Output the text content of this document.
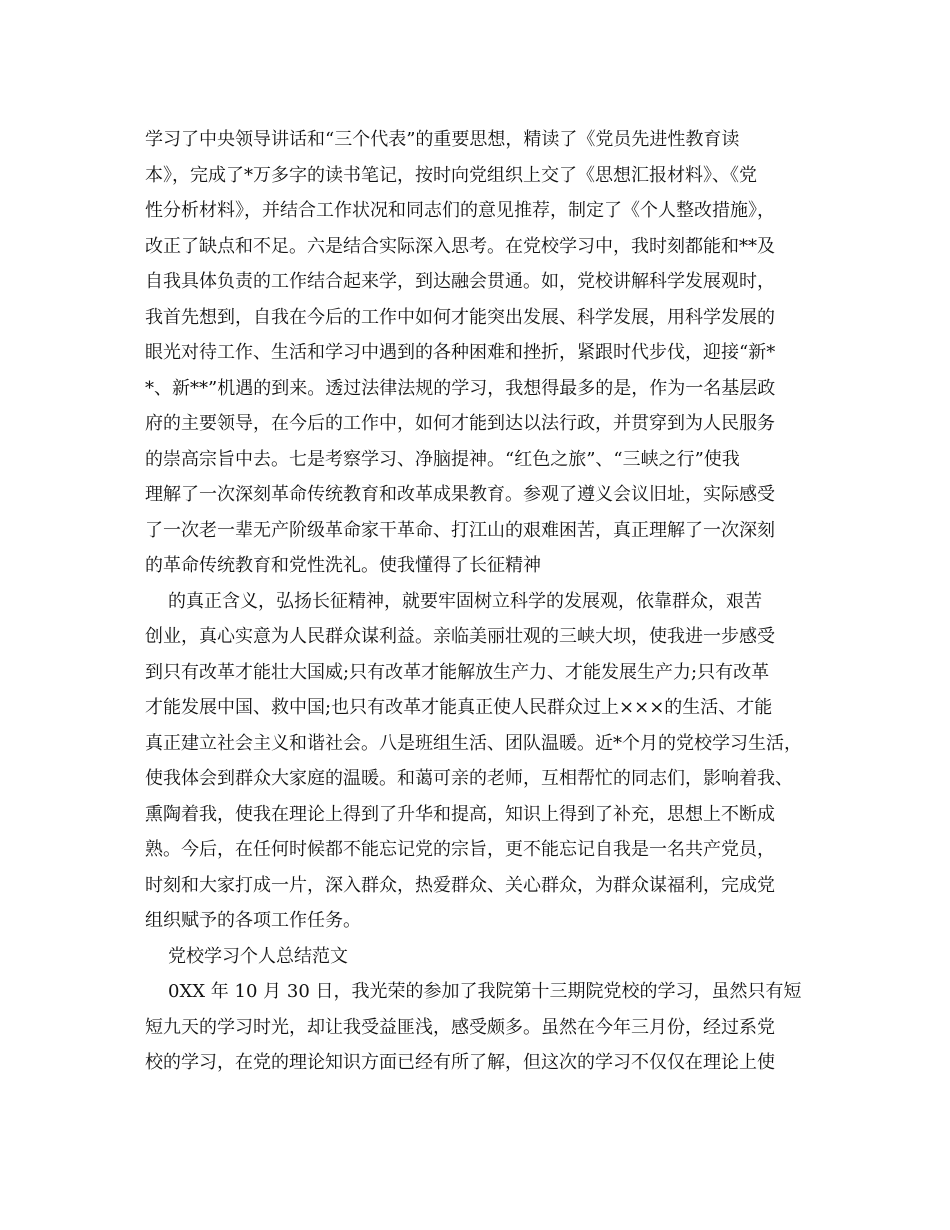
学习了中央领导讲话和“三个代表”的重要思想，精读了《党员先进性教育读
本》，完成了*万多字的读书笔记，按时向党组织上交了《思想汇报材料》、《党
性分析材料》，并结合工作状况和同志们的意见推荐，制定了《个人整改措施》，
改正了缺点和不足。六是结合实际深入思考。在党校学习中，我时刻都能和**及
自我具体负责的工作结合起来学，到达融会贯通。如，党校讲解科学发展观时，
我首先想到，自我在今后的工作中如何才能突出发展、科学发展，用科学发展的
眼光对待工作、生活和学习中遇到的各种困难和挫折，紧跟时代步伐，迎接“新*
*、新**”机遇的到来。透过法律法规的学习，我想得最多的是，作为一名基层政
府的主要领导，在今后的工作中，如何才能到达以法行政，并贯穿到为人民服务
的崇高宗旨中去。七是考察学习、净脑提神。“红色之旅”、“三峡之行”使我
理解了一次深刻革命传统教育和改革成果教育。参观了遵义会议旧址，实际感受
了一次老一辈无产阶级革命家干革命、打江山的艰难困苦，真正理解了一次深刻
的革命传统教育和党性洗礼。使我懂得了长征精神
的真正含义，弘扬长征精神，就要牢固树立科学的发展观，依靠群众，艰苦
创业，真心实意为人民群众谋利益。亲临美丽壮观的三峡大坝，使我进一步感受
到只有改革才能壮大国威;只有改革才能解放生产力、才能发展生产力;只有改革
才能发展中国、救中国;也只有改革才能真正使人民群众过上×××的生活、才能
真正建立社会主义和谐社会。八是班组生活、团队温暖。近*个月的党校学习生活，
使我体会到群众大家庭的温暖。和蔼可亲的老师，互相帮忙的同志们，影响着我、
熏陶着我，使我在理论上得到了升华和提高，知识上得到了补充，思想上不断成
熟。今后，在任何时候都不能忘记党的宗旨，更不能忘记自我是一名共产党员，
时刻和大家打成一片，深入群众，热爱群众、关心群众，为群众谋福利，完成党
组织赋予的各项工作任务。
党校学习个人总结范文
0XX 年 10 月 30 日，我光荣的参加了我院第十三期院党校的学习，虽然只有短
短九天的学习时光，却让我受益匪浅，感受颇多。虽然在今年三月份，经过系党
校的学习，在党的理论知识方面已经有所了解，但这次的学习不仅仅在理论上使
